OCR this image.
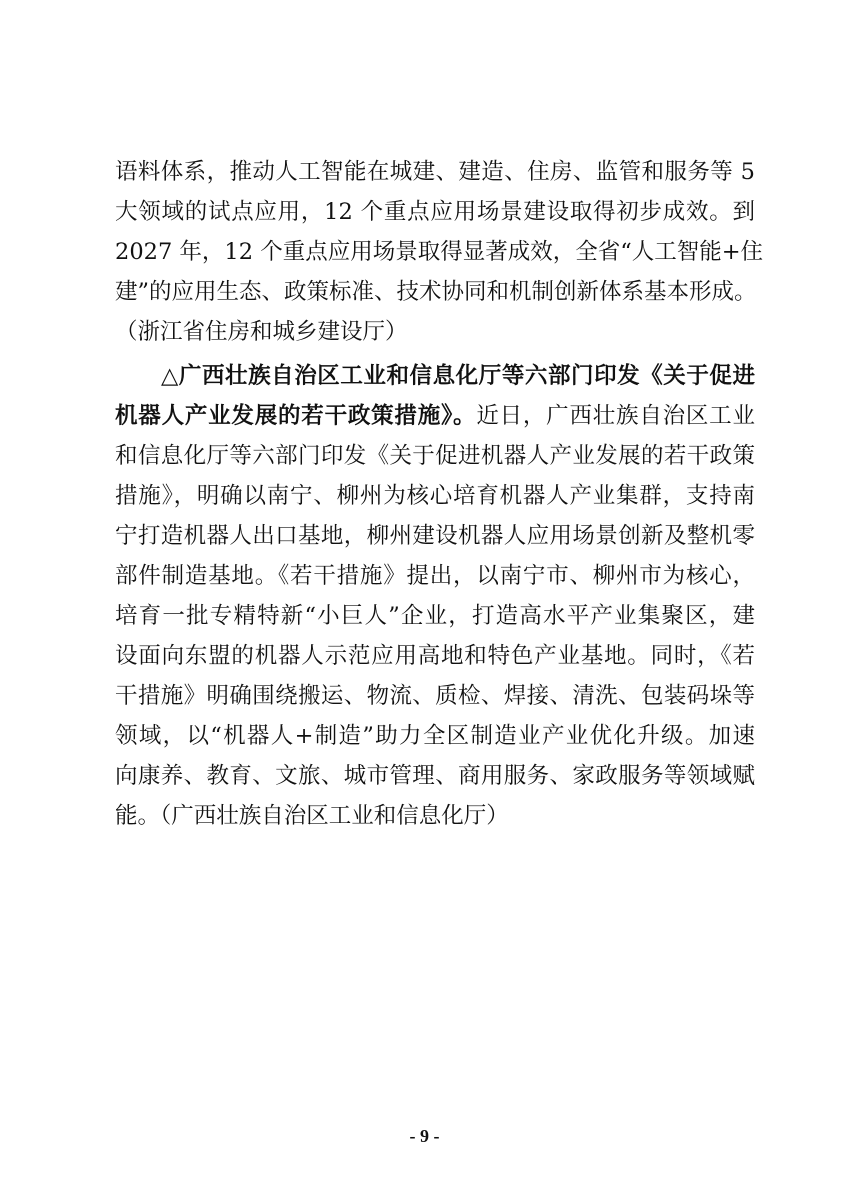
语料体系，推动人工智能在城建、建造、住房、监管和服务等 5
大领域的试点应用，12 个重点应用场景建设取得初步成效。到
2027 年，12 个重点应用场景取得显著成效，全省“人工智能+住
建”的应用生态、政策标准、技术协同和机制创新体系基本形成。
（浙江省住房和城乡建设厅）
△广西壮族自治区工业和信息化厅等六部门印发《关于促进
机器人产业发展的若干政策措施》。近日，广西壮族自治区工业
和信息化厅等六部门印发《关于促进机器人产业发展的若干政策
措施》，明确以南宁、柳州为核心培育机器人产业集群，支持南
宁打造机器人出口基地，柳州建设机器人应用场景创新及整机零
部件制造基地。《若干措施》提出，以南宁市、柳州市为核心，
培育一批专精特新“小巨人”企业，打造高水平产业集聚区，建
设面向东盟的机器人示范应用高地和特色产业基地。同时，《若
干措施》明确围绕搬运、物流、质检、焊接、清洗、包装码垛等
领域，以“机器人+制造”助力全区制造业产业优化升级。加速
向康养、教育、文旅、城市管理、商用服务、家政服务等领域赋
能。（广西壮族自治区工业和信息化厅）
- 9 -
